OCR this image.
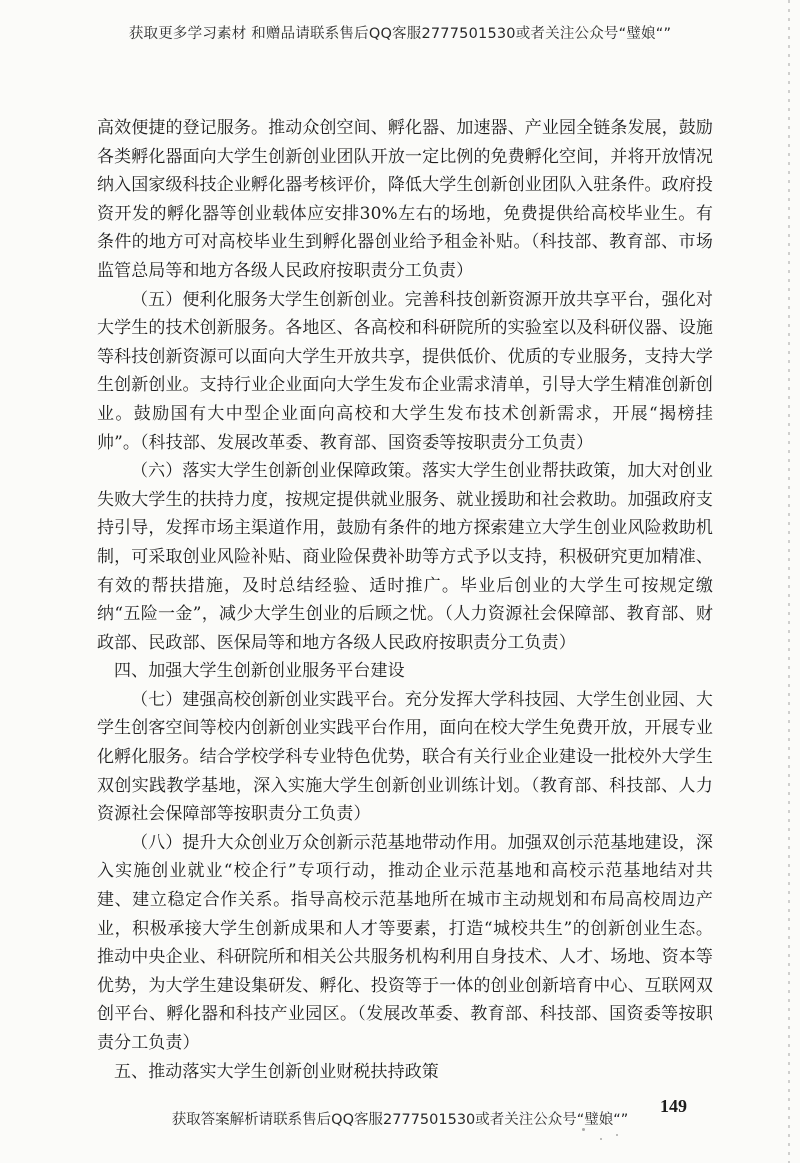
获取更多学习素材 和赠品请联系售后QQ客服2777501530或者关注公众号“璧娘“”

高效便捷的登记服务。推动众创空间、孵化器、加速器、产业园全链条发展，鼓励各类孵化器面向大学生创新创业团队开放一定比例的免费孵化空间，并将开放情况纳入国家级科技企业孵化器考核评价，降低大学生创新创业团队入驻条件。政府投资开发的孵化器等创业载体应安排30%左右的场地，免费提供给高校毕业生。有条件的地方可对高校毕业生到孵化器创业给予租金补贴。（科技部、教育部、市场监管总局等和地方各级人民政府按职责分工负责）

（五）便利化服务大学生创新创业。完善科技创新资源开放共享平台，强化对大学生的技术创新服务。各地区、各高校和科研院所的实验室以及科研仪器、设施等科技创新资源可以面向大学生开放共享，提供低价、优质的专业服务，支持大学生创新创业。支持行业企业面向大学生发布企业需求清单，引导大学生精准创新创业。鼓励国有大中型企业面向高校和大学生发布技术创新需求，开展“揭榜挂帅”。（科技部、发展改革委、教育部、国资委等按职责分工负责）

（六）落实大学生创新创业保障政策。落实大学生创业帮扶政策，加大对创业失败大学生的扶持力度，按规定提供就业服务、就业援助和社会救助。加强政府支持引导，发挥市场主渠道作用，鼓励有条件的地方探索建立大学生创业风险救助机制，可采取创业风险补贴、商业险保费补助等方式予以支持，积极研究更加精准、有效的帮扶措施，及时总结经验、适时推广。毕业后创业的大学生可按规定缴纳“五险一金”，减少大学生创业的后顾之忧。（人力资源社会保障部、教育部、财政部、民政部、医保局等和地方各级人民政府按职责分工负责）

四、加强大学生创新创业服务平台建设

（七）建强高校创新创业实践平台。充分发挥大学科技园、大学生创业园、大学生创客空间等校内创新创业实践平台作用，面向在校大学生免费开放，开展专业化孵化服务。结合学校学科专业特色优势，联合有关行业企业建设一批校外大学生双创实践教学基地，深入实施大学生创新创业训练计划。（教育部、科技部、人力资源社会保障部等按职责分工负责）

（八）提升大众创业万众创新示范基地带动作用。加强双创示范基地建设，深入实施创业就业“校企行”专项行动，推动企业示范基地和高校示范基地结对共建、建立稳定合作关系。指导高校示范基地所在城市主动规划和布局高校周边产业，积极承接大学生创新成果和人才等要素，打造“城校共生”的创新创业生态。推动中央企业、科研院所和相关公共服务机构利用自身技术、人才、场地、资本等优势，为大学生建设集研发、孵化、投资等于一体的创业创新培育中心、互联网双创平台、孵化器和科技产业园区。（发展改革委、教育部、科技部、国资委等按职责分工负责）

五、推动落实大学生创新创业财税扶持政策

149
获取答案解析请联系售后QQ客服2777501530或者关注公众号“璧娘“”
